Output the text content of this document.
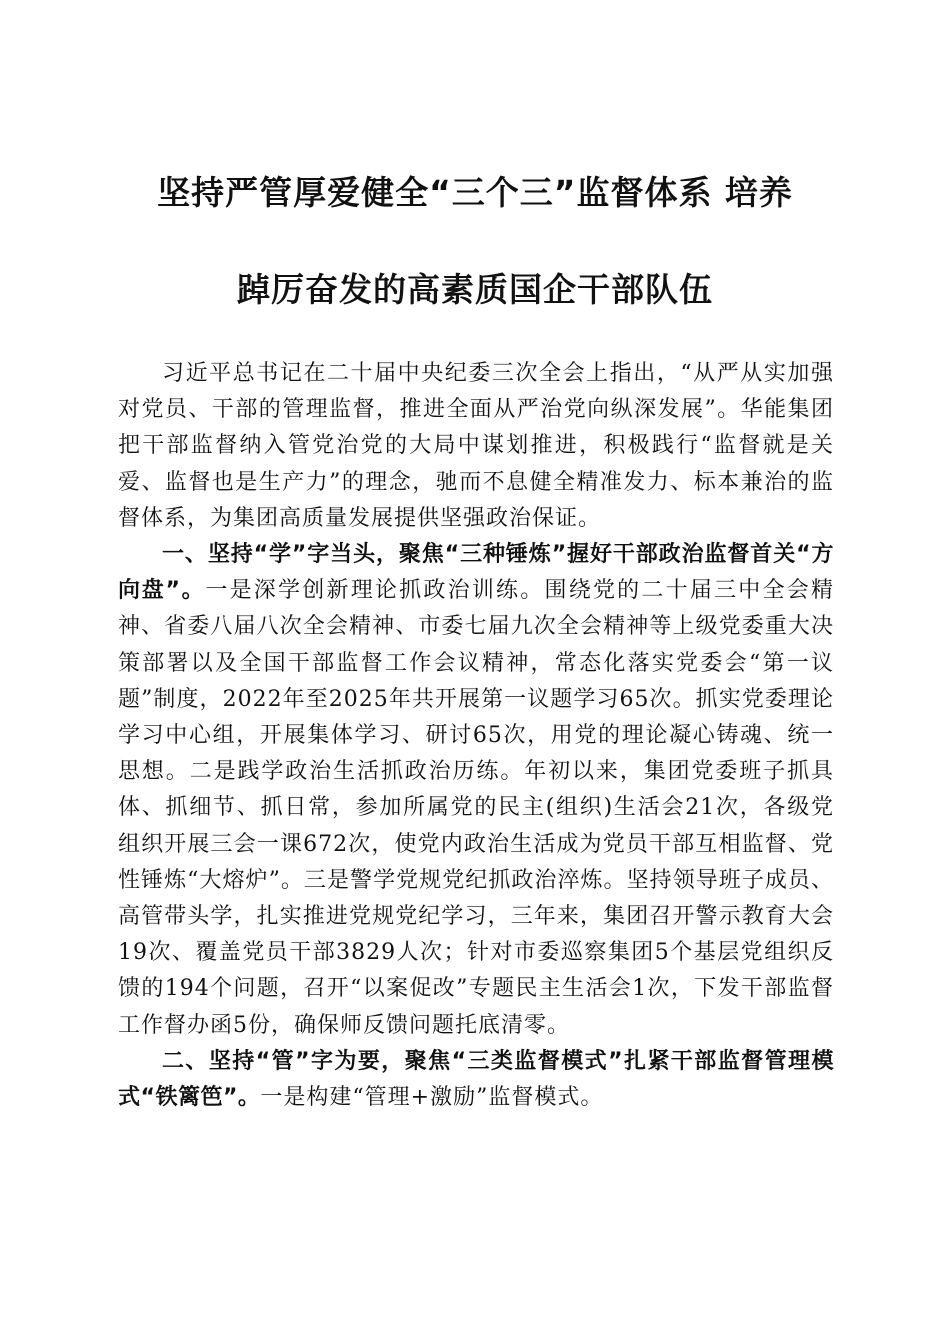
坚持严管厚爱健全“三个三”监督体系 培养
踔厉奋发的高素质国企干部队伍

习近平总书记在二十届中央纪委三次全会上指出，“从严从实加强对党员、干部的管理监督，推进全面从严治党向纵深发展”。华能集团把干部监督纳入管党治党的大局中谋划推进，积极践行“监督就是关爱、监督也是生产力”的理念，驰而不息健全精准发力、标本兼治的监督体系，为集团高质量发展提供坚强政治保证。

一、坚持“学”字当头，聚焦“三种锤炼”握好干部政治监督首关“方向盘”。一是深学创新理论抓政治训练。围绕党的二十届三中全会精神、省委八届八次全会精神、市委七届九次全会精神等上级党委重大决策部署以及全国干部监督工作会议精神，常态化落实党委会“第一议题”制度，2022年至2025年共开展第一议题学习65次。抓实党委理论学习中心组，开展集体学习、研讨65次，用党的理论凝心铸魂、统一思想。二是践学政治生活抓政治历练。年初以来，集团党委班子抓具体、抓细节、抓日常，参加所属党的民主(组织)生活会21次，各级党组织开展三会一课672次，使党内政治生活成为党员干部互相监督、党性锤炼“大熔炉”。三是警学党规党纪抓政治淬炼。坚持领导班子成员、高管带头学，扎实推进党规党纪学习，三年来，集团召开警示教育大会19次、覆盖党员干部3829人次；针对市委巡察集团5个基层党组织反馈的194个问题，召开“以案促改”专题民主生活会1次，下发干部监督工作督办函5份，确保师反馈问题托底清零。

二、坚持“管”字为要，聚焦“三类监督模式”扎紧干部监督管理模式“铁篱笆”。一是构建“管理+激励”监督模式。
